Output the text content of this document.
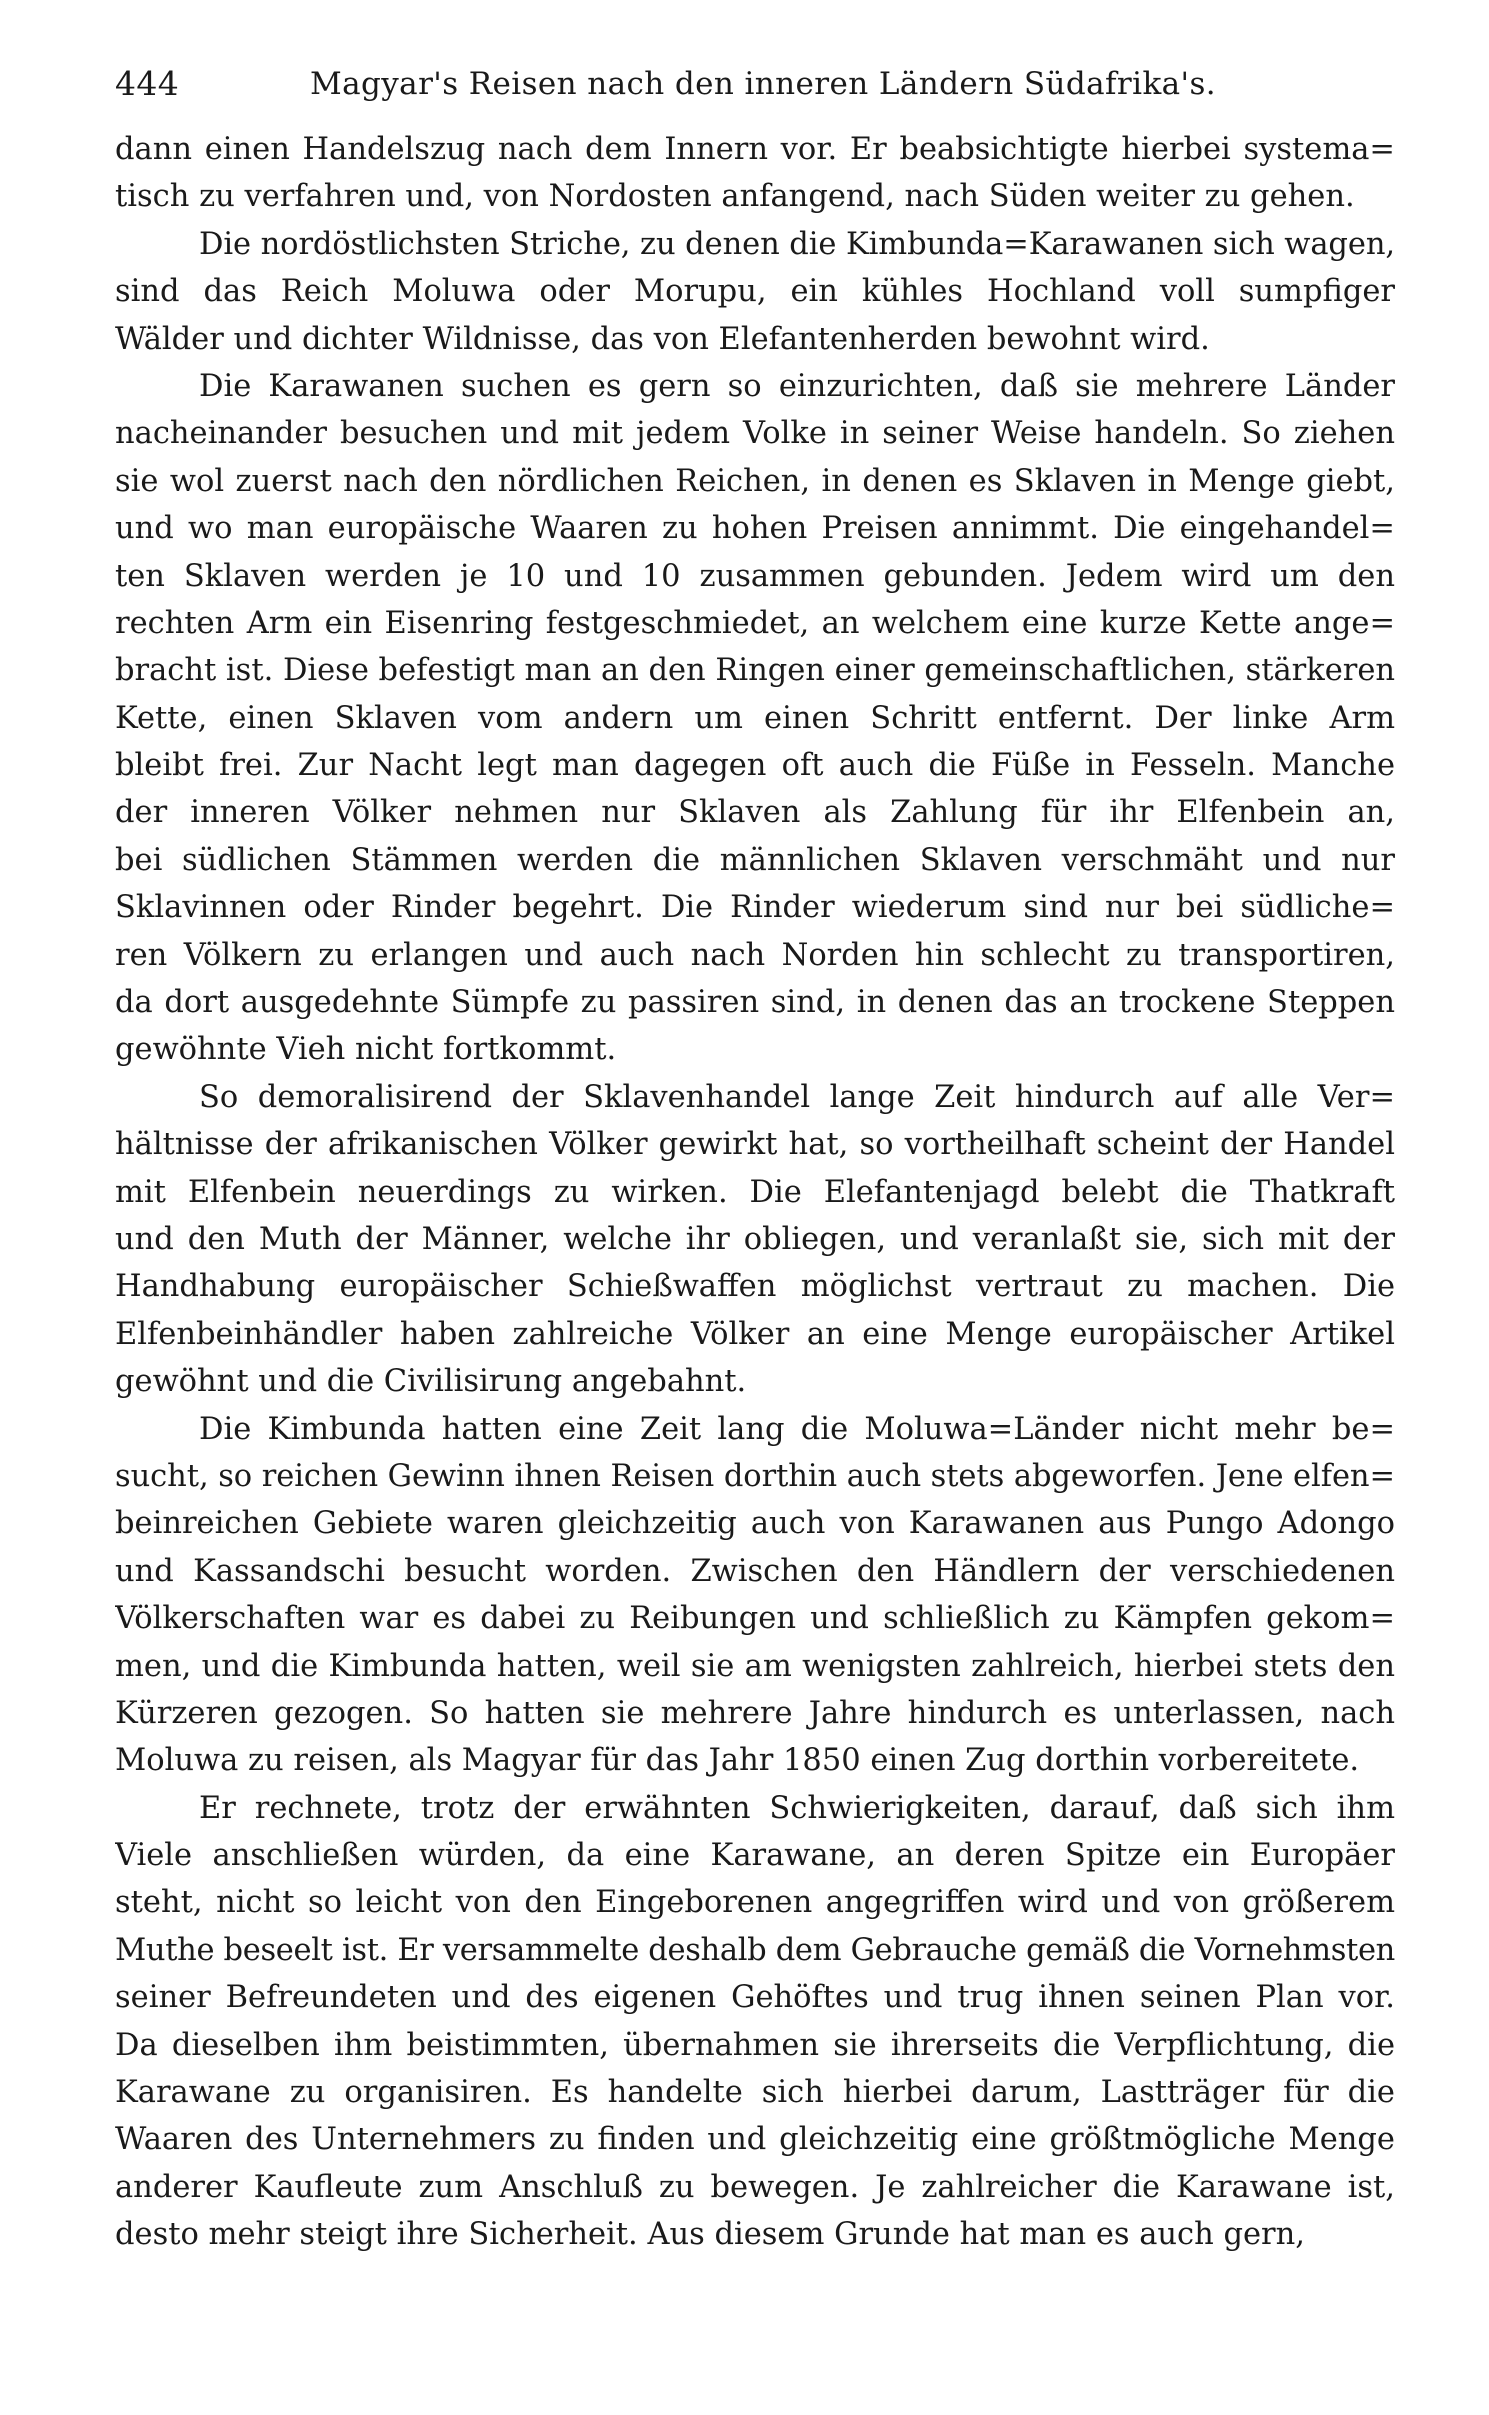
444	Magyar's Reisen nach den inneren Ländern Südafrika's.
dann einen Handelszug nach dem Innern vor. Er beabsichtigte hierbei systema=
tisch zu verfahren und, von Nordosten anfangend, nach Süden weiter zu gehen.
Die nordöstlichsten Striche, zu denen die Kimbunda=Karawanen sich wagen,
sind das Reich Moluwa oder Morupu, ein kühles Hochland voll sumpfiger
Wälder und dichter Wildnisse, das von Elefantenherden bewohnt wird.
Die Karawanen suchen es gern so einzurichten, daß sie mehrere Länder
nacheinander besuchen und mit jedem Volke in seiner Weise handeln. So ziehen
sie wol zuerst nach den nördlichen Reichen, in denen es Sklaven in Menge giebt,
und wo man europäische Waaren zu hohen Preisen annimmt. Die eingehandel=
ten Sklaven werden je 10 und 10 zusammen gebunden. Jedem wird um den
rechten Arm ein Eisenring festgeschmiedet, an welchem eine kurze Kette ange=
bracht ist. Diese befestigt man an den Ringen einer gemeinschaftlichen, stärkeren
Kette, einen Sklaven vom andern um einen Schritt entfernt. Der linke Arm
bleibt frei. Zur Nacht legt man dagegen oft auch die Füße in Fesseln. Manche
der inneren Völker nehmen nur Sklaven als Zahlung für ihr Elfenbein an,
bei südlichen Stämmen werden die männlichen Sklaven verschmäht und nur
Sklavinnen oder Rinder begehrt. Die Rinder wiederum sind nur bei südliche=
ren Völkern zu erlangen und auch nach Norden hin schlecht zu transportiren,
da dort ausgedehnte Sümpfe zu passiren sind, in denen das an trockene Steppen
gewöhnte Vieh nicht fortkommt.
So demoralisirend der Sklavenhandel lange Zeit hindurch auf alle Ver=
hältnisse der afrikanischen Völker gewirkt hat, so vortheilhaft scheint der Handel
mit Elfenbein neuerdings zu wirken. Die Elefantenjagd belebt die Thatkraft
und den Muth der Männer, welche ihr obliegen, und veranlaßt sie, sich mit der
Handhabung europäischer Schießwaffen möglichst vertraut zu machen. Die
Elfenbeinhändler haben zahlreiche Völker an eine Menge europäischer Artikel
gewöhnt und die Civilisirung angebahnt.
Die Kimbunda hatten eine Zeit lang die Moluwa=Länder nicht mehr be=
sucht, so reichen Gewinn ihnen Reisen dorthin auch stets abgeworfen. Jene elfen=
beinreichen Gebiete waren gleichzeitig auch von Karawanen aus Pungo Adongo
und Kassandschi besucht worden. Zwischen den Händlern der verschiedenen
Völkerschaften war es dabei zu Reibungen und schließlich zu Kämpfen gekom=
men, und die Kimbunda hatten, weil sie am wenigsten zahlreich, hierbei stets den
Kürzeren gezogen. So hatten sie mehrere Jahre hindurch es unterlassen, nach
Moluwa zu reisen, als Magyar für das Jahr 1850 einen Zug dorthin vorbereitete.
Er rechnete, trotz der erwähnten Schwierigkeiten, darauf, daß sich ihm
Viele anschließen würden, da eine Karawane, an deren Spitze ein Europäer
steht, nicht so leicht von den Eingeborenen angegriffen wird und von größerem
Muthe beseelt ist. Er versammelte deshalb dem Gebrauche gemäß die Vornehmsten
seiner Befreundeten und des eigenen Gehöftes und trug ihnen seinen Plan vor.
Da dieselben ihm beistimmten, übernahmen sie ihrerseits die Verpflichtung, die
Karawane zu organisiren. Es handelte sich hierbei darum, Lastträger für die
Waaren des Unternehmers zu finden und gleichzeitig eine größtmögliche Menge
anderer Kaufleute zum Anschluß zu bewegen. Je zahlreicher die Karawane ist,
desto mehr steigt ihre Sicherheit. Aus diesem Grunde hat man es auch gern,
